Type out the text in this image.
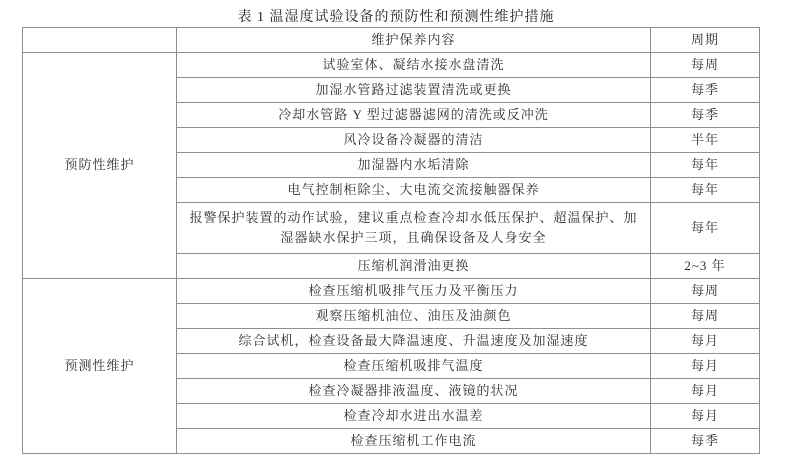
表 1 温湿度试验设备的预防性和预测性维护措施
	维护保养内容	周期
预防性维护	试验室体、凝结水接水盘清洗	每周
	加湿水管路过滤装置清洗或更换	每季
	冷却水管路 Y 型过滤器滤网的清洗或反冲洗	每季
	风冷设备冷凝器的清洁	半年
	加湿器内水垢清除	每年
	电气控制柜除尘、大电流交流接触器保养	每年
	报警保护装置的动作试验，建议重点检查冷却水低压保护、超温保护、加湿器缺水保护三项，且确保设备及人身安全	每年
	压缩机润滑油更换	2~3 年
预测性维护	检查压缩机吸排气压力及平衡压力	每周
	观察压缩机油位、油压及油颜色	每周
	综合试机，检查设备最大降温速度、升温速度及加湿速度	每月
	检查压缩机吸排气温度	每月
	检查冷凝器排液温度、液镜的状况	每月
	检查冷却水进出水温差	每月
	检查压缩机工作电流	每季
